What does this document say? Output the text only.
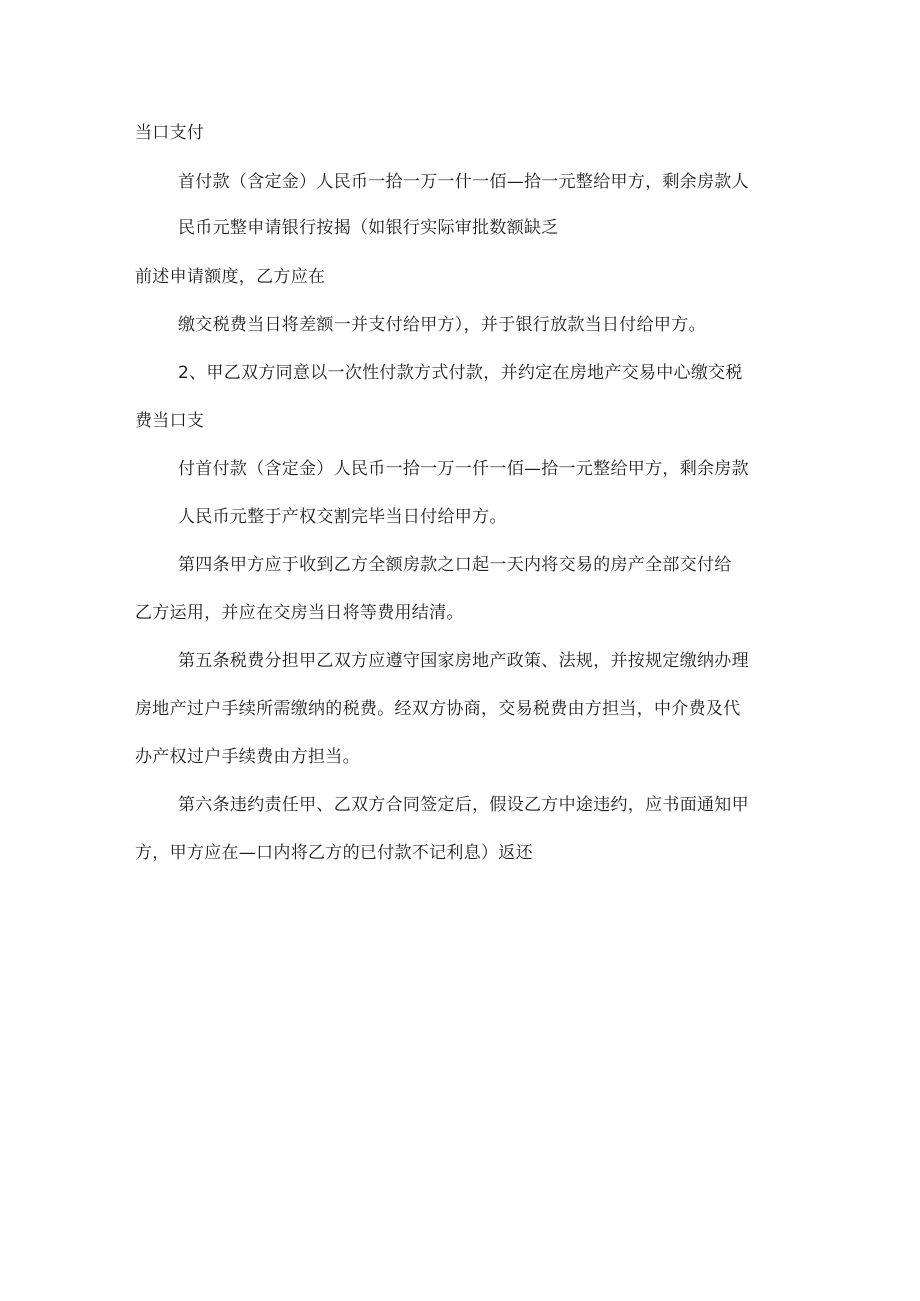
当口支付
首付款（含定金）人民币一拾一万一什一佰—拾一元整给甲方，剩余房款人
民币元整申请银行按揭（如银行实际审批数额缺乏
前述申请额度，乙方应在
缴交税费当日将差额一并支付给甲方），并于银行放款当日付给甲方。
2、甲乙双方同意以一次性付款方式付款，并约定在房地产交易中心缴交税
费当口支
付首付款（含定金）人民币一拾一万一仟一佰—拾一元整给甲方，剩余房款
人民币元整于产权交割完毕当日付给甲方。
第四条甲方应于收到乙方全额房款之口起一天内将交易的房产全部交付给
乙方运用，并应在交房当日将等费用结清。
第五条税费分担甲乙双方应遵守国家房地产政策、法规，并按规定缴纳办理
房地产过户手续所需缴纳的税费。经双方协商，交易税费由方担当，中介费及代
办产权过户手续费由方担当。
第六条违约责任甲、乙双方合同签定后，假设乙方中途违约，应书面通知甲
方，甲方应在—口内将乙方的已付款不记利息）返还
